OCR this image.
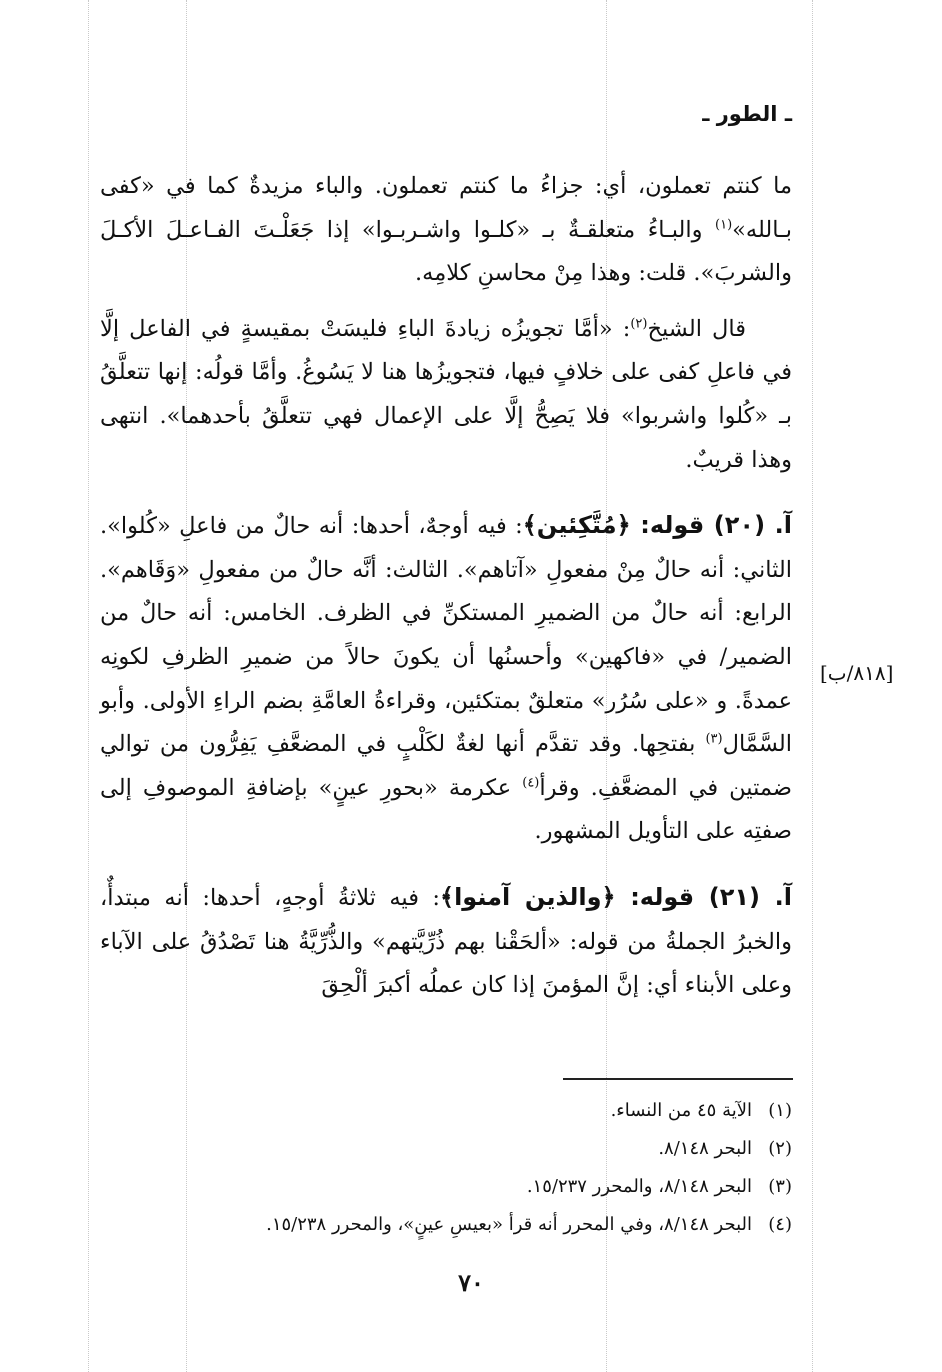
ـ الطور ـ

ما كنتم تعملون، أي: جزاءُ ما كنتم تعملون. والباء مزيدةٌ كما في «كفى بـالله»$^{(١)}$ والبـاءُ متعلقـةٌ بـ «كلـوا واشـربـوا» إذا جَعَلْـتَ الفـاعـلَ الأكـلَ والشربَ». قلت: وهذا مِنْ محاسنِ كلامِه.

قال الشيخ$^{(٢)}$: «أمَّا تجويزُه زيادةَ الباءِ فليسَتْ بمقيسةٍ في الفاعل إلَّا في فاعلِ كفى على خلافٍ فيها، فتجويزُها هنا لا يَسُوغُ. وأمَّا قولُه: إنها تتعلَّقُ بـ «كُلوا واشربوا» فلا يَصِحُّ إلَّا على الإعمال فهي تتعلَّقُ بأحدهما». انتهى وهذا قريبٌ.

آ. (٢٠) قوله: ﴿مُتَّكِئين﴾: فيه أوجهٌ، أحدها: أنه حالٌ من فاعلِ «كُلوا». الثاني: أنه حالٌ مِنْ مفعولِ «آتاهم». الثالث: أنَّه حالٌ من مفعولِ «وَقَاهم». الرابع: أنه حالٌ من الضميرِ المستكنِّ في الظرف. الخامس: أنه حالٌ من الضمير/ في «فاكهين» وأحسنُها أن يكونَ حالاً من ضميرِ الظرفِ لكونِه عمدةً. و «على سُرُر» متعلقٌ بمتكئين، وقراءةُ العامَّةِ بضم الراءِ الأولى. وأبو السَّمَّال$^{(٣)}$ بفتحِها. وقد تقدَّم أنها لغةٌ لكَلْبٍ في المضعَّفِ يَفِرُّون من توالي ضمتين في المضعَّفِ. وقرأ$^{(٤)}$ عكرمة «بحورِ عينٍ» بإضافةِ الموصوفِ إلى صفتِه على التأويل المشهور.

آ. (٢١) قوله: ﴿والذين آمنوا﴾: فيه ثلاثةُ أوجهٍ، أحدها: أنه مبتدأٌ، والخبرُ الجملةُ من قوله: «ألحَقْنا بهم ذُرِّيَّتهم» والذُّرِّيَّةُ هنا تَصْدُقُ على الآباء وعلى الأبناء أي: إنَّ المؤمنَ إذا كان عملُه أكبرَ ألْحِقَ

[٨١٨/ب]
(١)الآية ٤٥ من النساء.
(٢)البحر ٨/١٤٨.
(٣)البحر ٨/١٤٨، والمحرر ١٥/٢٣٧.
(٤)البحر ٨/١٤٨، وفي المحرر أنه قرأ «بعيسِ عينٍ»، والمحرر ١٥/٢٣٨.
٧٠
